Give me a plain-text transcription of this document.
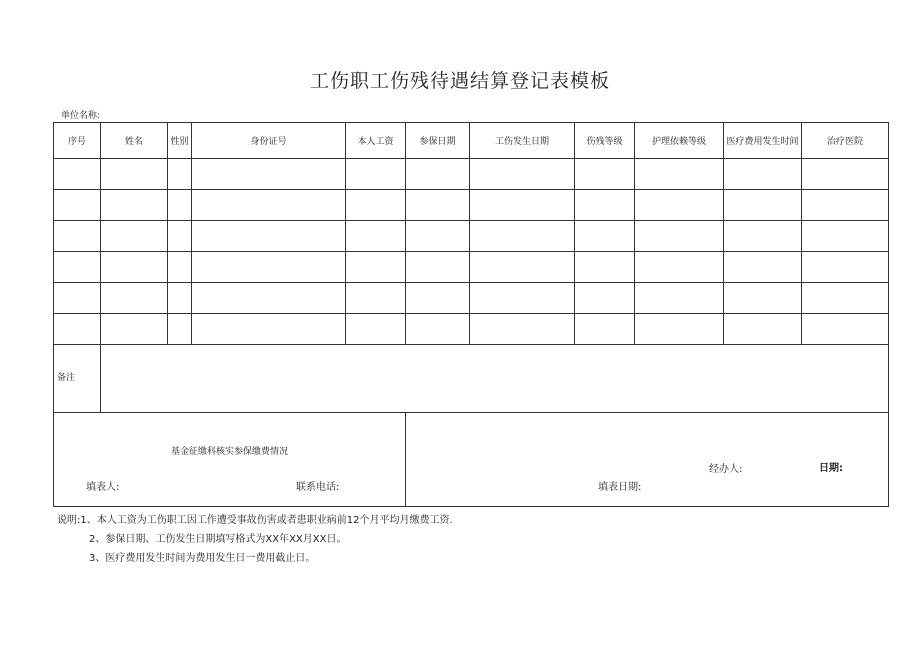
工伤职工伤残待遇结算登记表模板
单位名称:
序号	姓名	性别	身份证号	本人工资	参保日期	工伤发生日期	伤残等级	护理依赖等级	医疗费用发生时间	治疗医院

备注										
基金征缴科核实参保缴费情况					经办人: 日期:					
填表人:	联系电话:	填表日期:
说明:1、本人工资为工伤职工因工作遭受事故伤害或者患职业病前12个月平均月缴费工资.
2、参保日期、工伤发生日期填写格式为XX年XX月XX日。
3、医疗费用发生时间为费用发生日一费用截止日。
